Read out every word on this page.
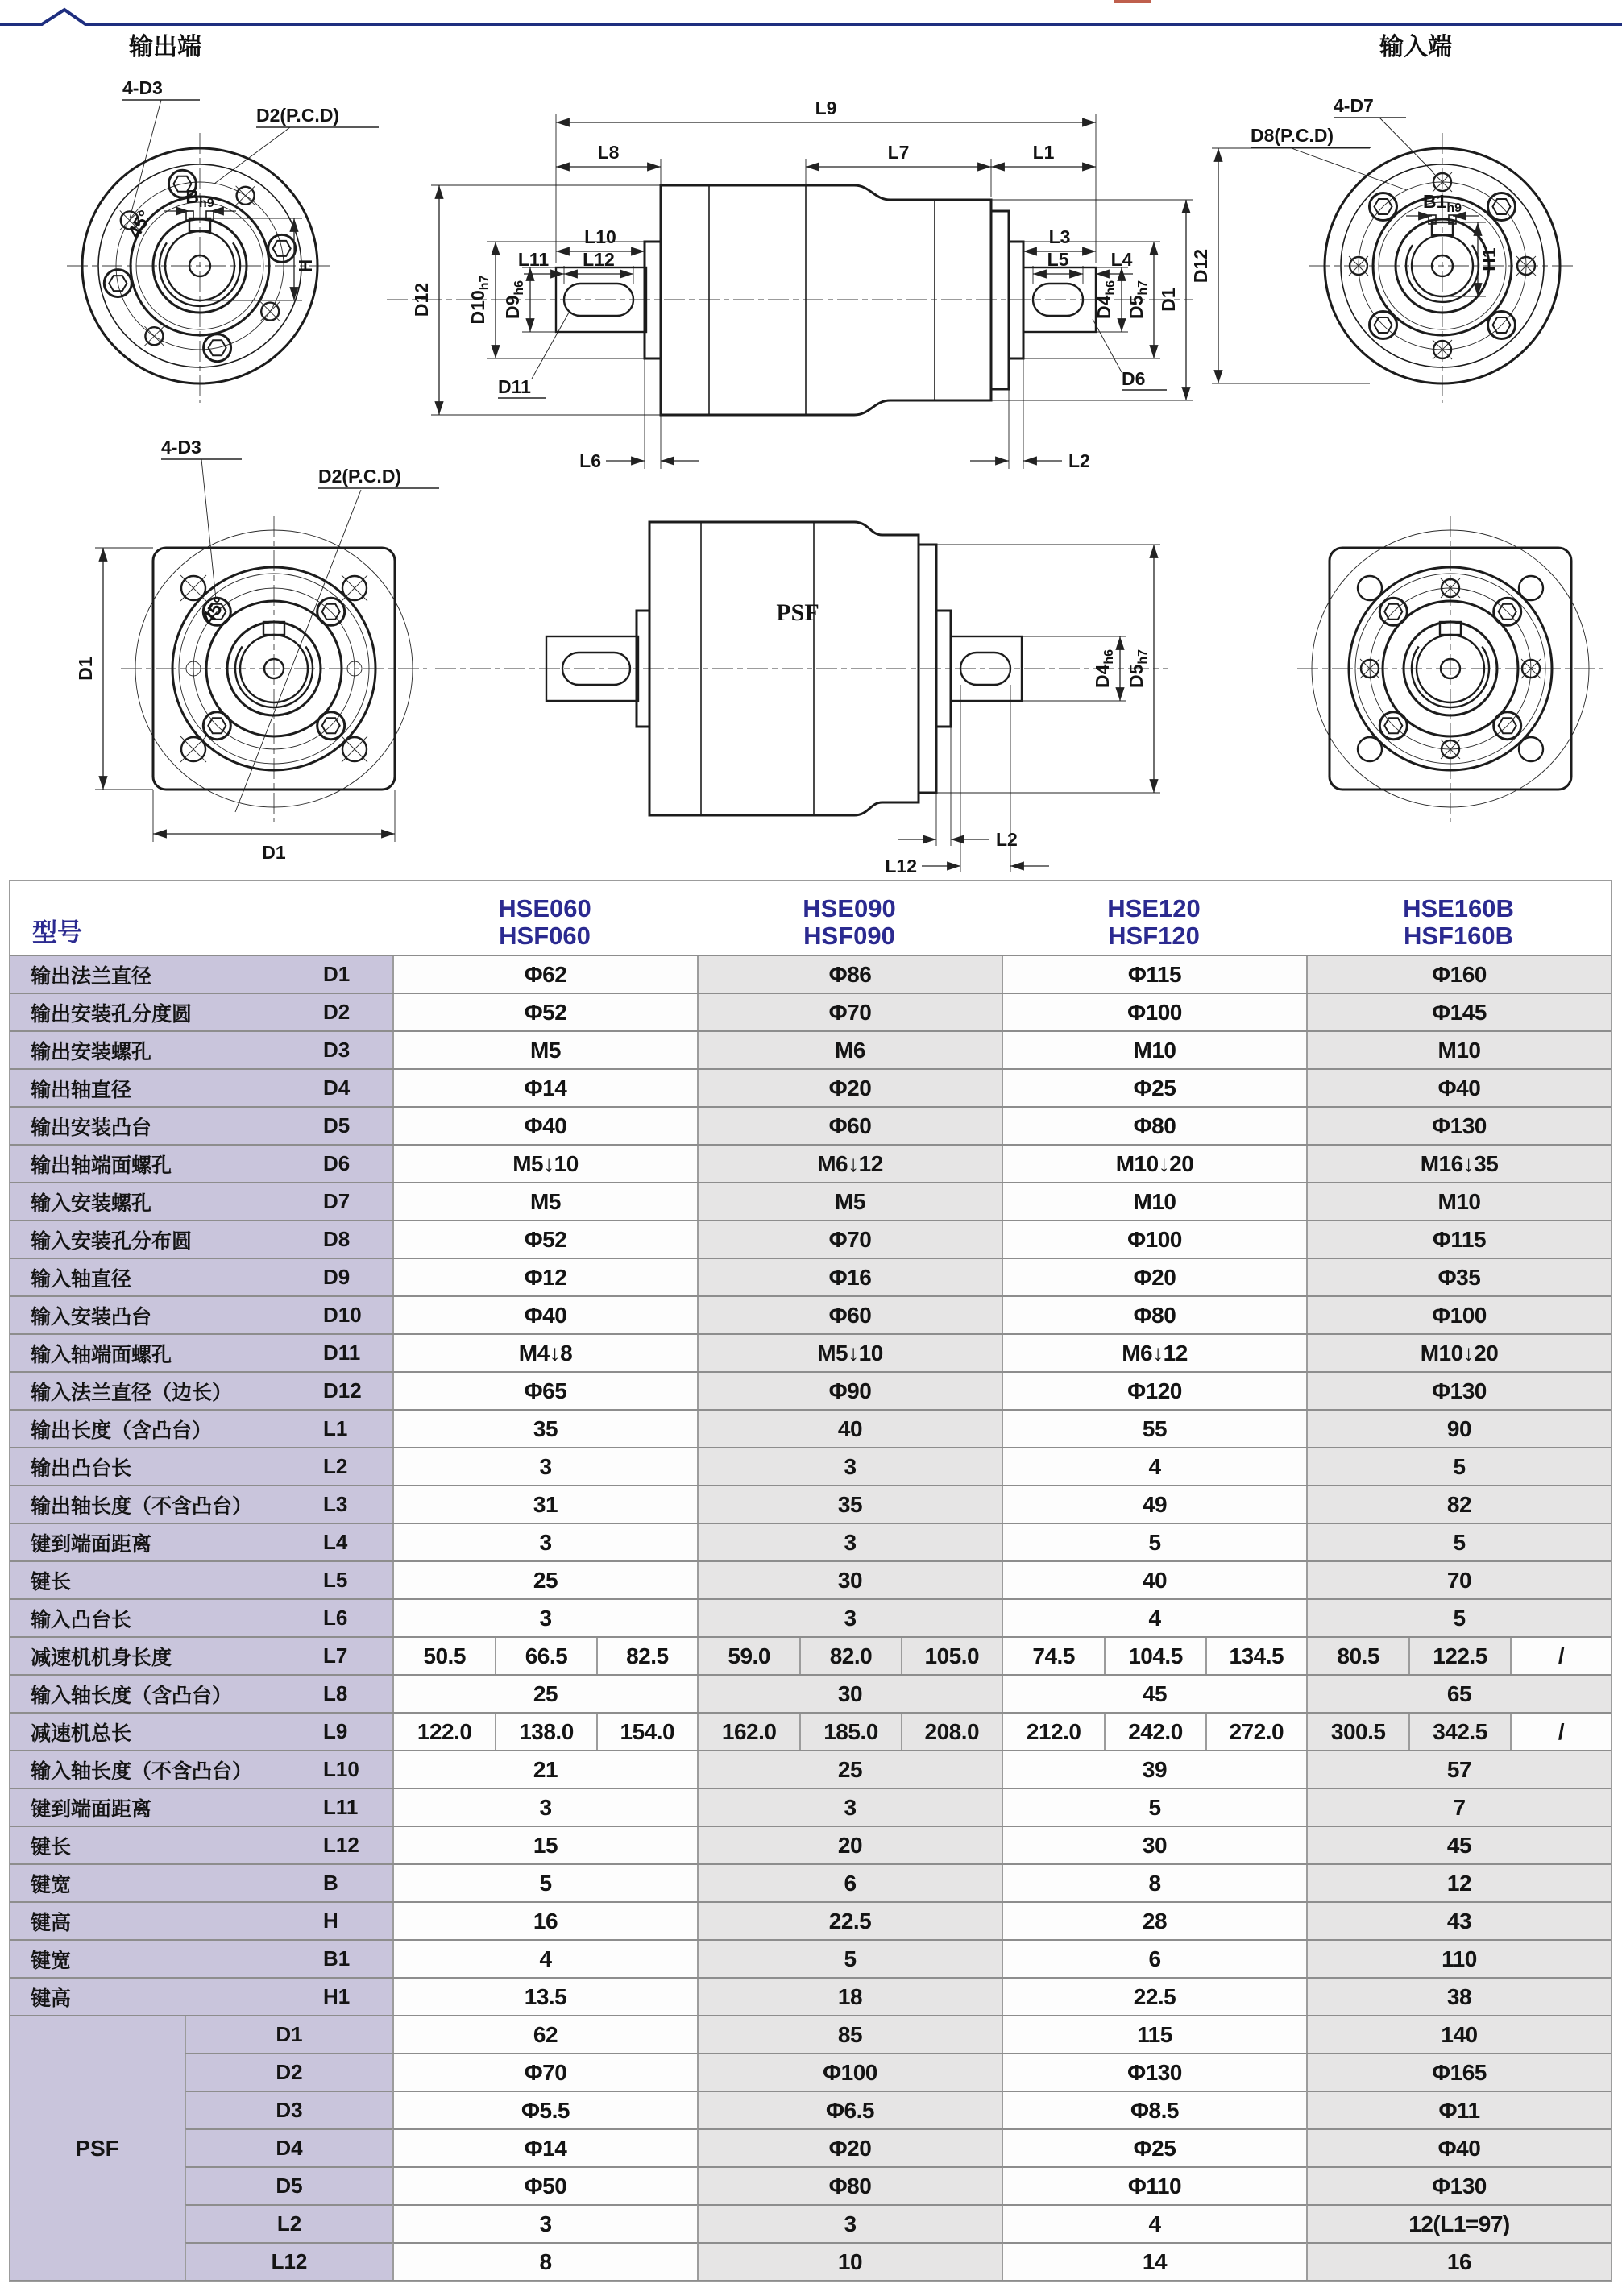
输出端
4-D3
D2(P.C.D)
$B_{h9}$
H
45°
L9
L8	L7	L1
L10	L3
L11 L12	L5 L4
D12 $D10_{h7}$
$D9_{h6}$
D11
$D4_{h6}$
$D5_{h7}$ D1
D6
L6	L2
输入端
4-D7
D8(P.C.D)
$B1_{h9}$
H1
D12
4-D3
D2(P.C.D)
45°
D1
D1
PSF
$D4_{h6}$
$D5_{h7}$
L2
L12
型号
HSE060
HSF060
HSE090
HSF090
HSE120
HSF120
HSE160B
HSF160B
输出法兰直径	D1	Φ62	Φ86	Φ115	Φ160
输出安装孔分度圆	D2	Φ52	Φ70	Φ100	Φ145
输出安装螺孔	D3	M5	M6	M10	M10
输出轴直径	D4	Φ14	Φ20	Φ25	Φ40
输出安装凸台	D5	Φ40	Φ60	Φ80	Φ130
输出轴端面螺孔	D6	M5↓10	M6↓12	M10↓20	M16↓35
输入安装螺孔	D7	M5	M5	M10	M10
输入安装孔分布圆	D8	Φ52	Φ70	Φ100	Φ115
输入轴直径	D9	Φ12	Φ16	Φ20	Φ35
输入安装凸台	D10	Φ40	Φ60	Φ80	Φ100
输入轴端面螺孔	D11	M4↓8	M5↓10	M6↓12	M10↓20
输入法兰直径（边长）	D12	Φ65	Φ90	Φ120	Φ130
输出长度（含凸台）	L1	35	40	55	90
输出凸台长	L2	3	3	4	5
输出轴长度（不含凸台）	L3	31	35	49	82
键到端面距离	L4	3	3	5	5
键长	L5	25	30	40	70
输入凸台长	L6	3	3	4	5
减速机机身长度	L7	50.5	66.5	82.5	59.0	82.0	105.0	74.5	104.5	134.5	80.5	122.5	/
输入轴长度（含凸台）	L8	25	30	45	65
减速机总长	L9	122.0	138.0	154.0	162.0	185.0	208.0	212.0	242.0	272.0	300.5	342.5	/
输入轴长度（不含凸台）	L10	21	25	39	57
键到端面距离	L11	3	3	5	7
键长	L12	15	20	30	45
键宽	B	5	6	8	12
键高	H	16	22.5	28	43
键宽	B1	4	5	6	110
键高	H1	13.5	18	22.5	38
PSF
D1	62	85	115	140
D2	Φ70	Φ100	Φ130	Φ165
D3	Φ5.5	Φ6.5	Φ8.5	Φ11
D4	Φ14	Φ20	Φ25	Φ40
D5	Φ50	Φ80	Φ110	Φ130
L2	3	3	4	12(L1=97)
L12	8	10	14	16
